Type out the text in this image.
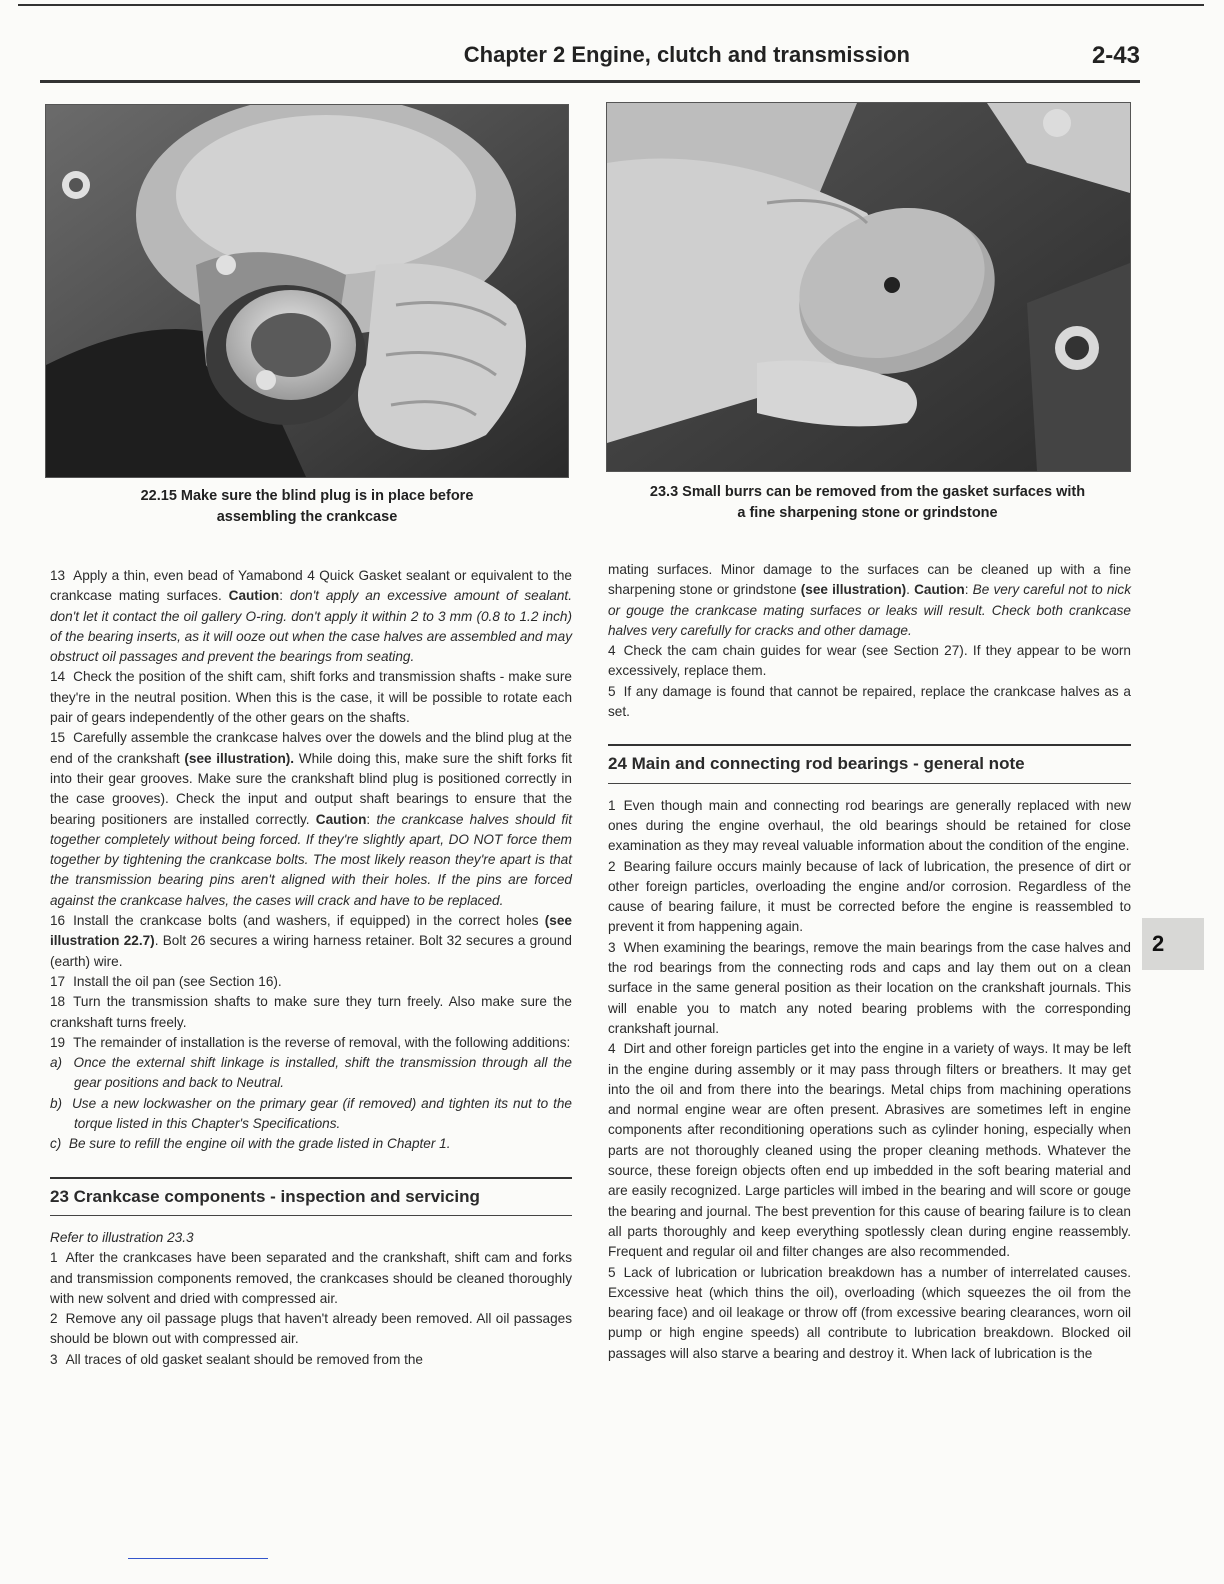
Chapter 2 Engine, clutch and transmission	2-43
22.15 Make sure the blind plug is in place before
assembling the crankcase
23.3 Small burrs can be removed from the gasket surfaces with
a fine sharpening stone or grindstone

13 Apply a thin, even bead of Yamabond 4 Quick Gasket sealant or equivalent to the crankcase mating surfaces. Caution: don't apply an excessive amount of sealant. don't let it contact the oil gallery O-ring. don't apply it within 2 to 3 mm (0.8 to 1.2 inch) of the bearing inserts, as it will ooze out when the case halves are assembled and may obstruct oil passages and prevent the bearings from seating.

14 Check the position of the shift cam, shift forks and transmission shafts - make sure they're in the neutral position. When this is the case, it will be possible to rotate each pair of gears independently of the other gears on the shafts.

15 Carefully assemble the crankcase halves over the dowels and the blind plug at the end of the crankshaft (see illustration). While doing this, make sure the shift forks fit into their gear grooves. Make sure the crankshaft blind plug is positioned correctly in the case grooves). Check the input and output shaft bearings to ensure that the bearing positioners are installed correctly. Caution: the crankcase halves should fit together completely without being forced. If they're slightly apart, DO NOT force them together by tightening the crankcase bolts. The most likely reason they're apart is that the transmission bearing pins aren't aligned with their holes. If the pins are forced against the crankcase halves, the cases will crack and have to be replaced.

16 Install the crankcase bolts (and washers, if equipped) in the correct holes (see illustration 22.7). Bolt 26 secures a wiring harness retainer. Bolt 32 secures a ground (earth) wire.

17 Install the oil pan (see Section 16).

18 Turn the transmission shafts to make sure they turn freely. Also make sure the crankshaft turns freely.

19 The remainder of installation is the reverse of removal, with the following additions:

a) Once the external shift linkage is installed, shift the transmission through all the gear positions and back to Neutral.

b) Use a new lockwasher on the primary gear (if removed) and tighten its nut to the torque listed in this Chapter's Specifications.

c) Be sure to refill the engine oil with the grade listed in Chapter 1.

23 Crankcase components - inspection and servicing

Refer to illustration 23.3

1 After the crankcases have been separated and the crankshaft, shift cam and forks and transmission components removed, the crankcases should be cleaned thoroughly with new solvent and dried with compressed air.

2 Remove any oil passage plugs that haven't already been removed. All oil passages should be blown out with compressed air.

3 All traces of old gasket sealant should be removed from the

mating surfaces. Minor damage to the surfaces can be cleaned up with a fine sharpening stone or grindstone (see illustration). Caution: Be very careful not to nick or gouge the crankcase mating surfaces or leaks will result. Check both crankcase halves very carefully for cracks and other damage.

4 Check the cam chain guides for wear (see Section 27). If they appear to be worn excessively, replace them.

5 If any damage is found that cannot be repaired, replace the crankcase halves as a set.

24 Main and connecting rod bearings - general note

1 Even though main and connecting rod bearings are generally replaced with new ones during the engine overhaul, the old bearings should be retained for close examination as they may reveal valuable information about the condition of the engine.

2 Bearing failure occurs mainly because of lack of lubrication, the presence of dirt or other foreign particles, overloading the engine and/or corrosion. Regardless of the cause of bearing failure, it must be corrected before the engine is reassembled to prevent it from happening again.

3 When examining the bearings, remove the main bearings from the case halves and the rod bearings from the connecting rods and caps and lay them out on a clean surface in the same general position as their location on the crankshaft journals. This will enable you to match any noted bearing problems with the corresponding crankshaft journal.

4 Dirt and other foreign particles get into the engine in a variety of ways. It may be left in the engine during assembly or it may pass through filters or breathers. It may get into the oil and from there into the bearings. Metal chips from machining operations and normal engine wear are often present. Abrasives are sometimes left in engine components after reconditioning operations such as cylinder honing, especially when parts are not thoroughly cleaned using the proper cleaning methods. Whatever the source, these foreign objects often end up imbedded in the soft bearing material and are easily recognized. Large particles will imbed in the bearing and will score or gouge the bearing and journal. The best prevention for this cause of bearing failure is to clean all parts thoroughly and keep everything spotlessly clean during engine reassembly. Frequent and regular oil and filter changes are also recommended.

5 Lack of lubrication or lubrication breakdown has a number of interrelated causes. Excessive heat (which thins the oil), overloading (which squeezes the oil from the bearing face) and oil leakage or throw off (from excessive bearing clearances, worn oil pump or high engine speeds) all contribute to lubrication breakdown. Blocked oil passages will also starve a bearing and destroy it. When lack of lubrication is the

2
